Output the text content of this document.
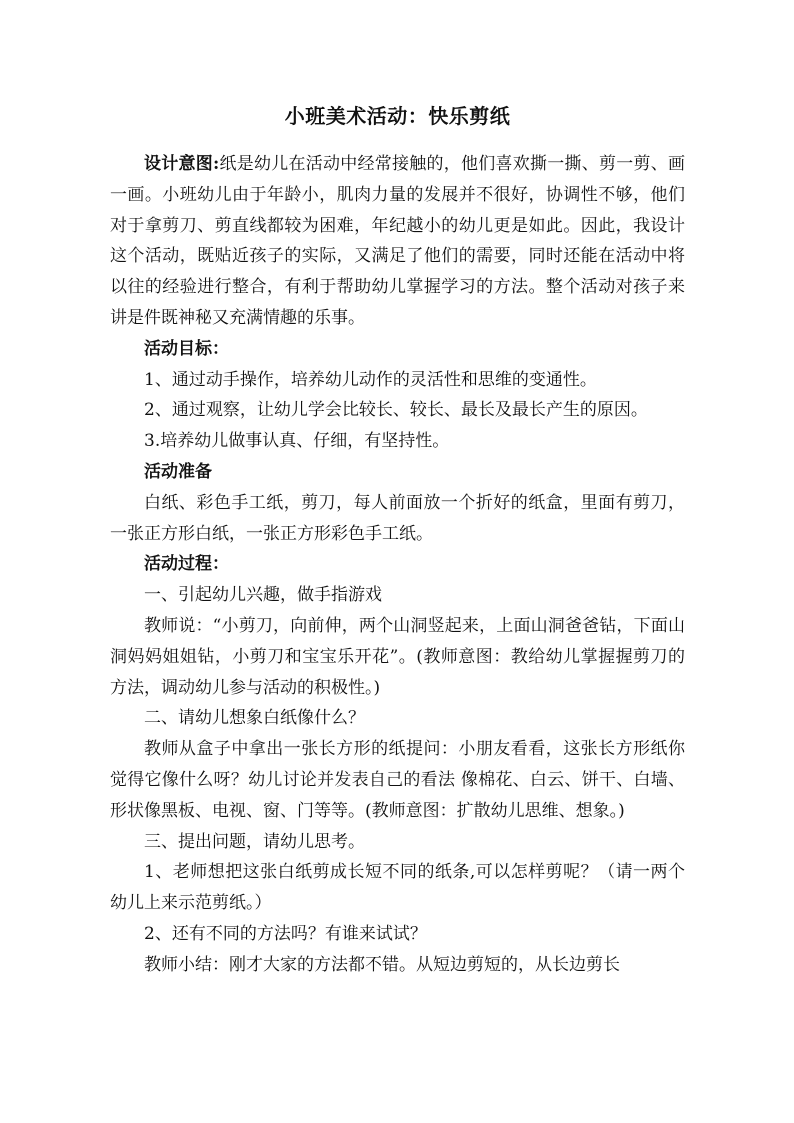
小班美术活动：快乐剪纸

设计意图:纸是幼儿在活动中经常接触的，他们喜欢撕一撕、剪一剪、画一画。小班幼儿由于年龄小，肌肉力量的发展并不很好，协调性不够，他们对于拿剪刀、剪直线都较为困难，年纪越小的幼儿更是如此。因此，我设计这个活动，既贴近孩子的实际，又满足了他们的需要，同时还能在活动中将以往的经验进行整合，有利于帮助幼儿掌握学习的方法。整个活动对孩子来讲是件既神秘又充满情趣的乐事。

活动目标：

1、通过动手操作，培养幼儿动作的灵活性和思维的变通性。

2、通过观察，让幼儿学会比较长、较长、最长及最长产生的原因。

3.培养幼儿做事认真、仔细，有坚持性。

活动准备

白纸、彩色手工纸，剪刀，每人前面放一个折好的纸盒，里面有剪刀，一张正方形白纸，一张正方形彩色手工纸。

活动过程：

一、引起幼儿兴趣，做手指游戏

教师说：“小剪刀，向前伸，两个山洞竖起来，上面山洞爸爸钻，下面山洞妈妈姐姐钻，小剪刀和宝宝乐开花”。(教师意图：教给幼儿掌握握剪刀的方法，调动幼儿参与活动的积极性。)

二、请幼儿想象白纸像什么？

教师从盒子中拿出一张长方形的纸提问：小朋友看看，这张长方形纸你觉得它像什么呀？幼儿讨论并发表自己的看法 像棉花、白云、饼干、白墙、形状像黑板、电视、窗、门等等。(教师意图：扩散幼儿思维、想象。)

三、提出问题，请幼儿思考。

1、老师想把这张白纸剪成长短不同的纸条,可以怎样剪呢？（请一两个幼儿上来示范剪纸。）

2、还有不同的方法吗？有谁来试试？

教师小结：刚才大家的方法都不错。从短边剪短的，从长边剪长
